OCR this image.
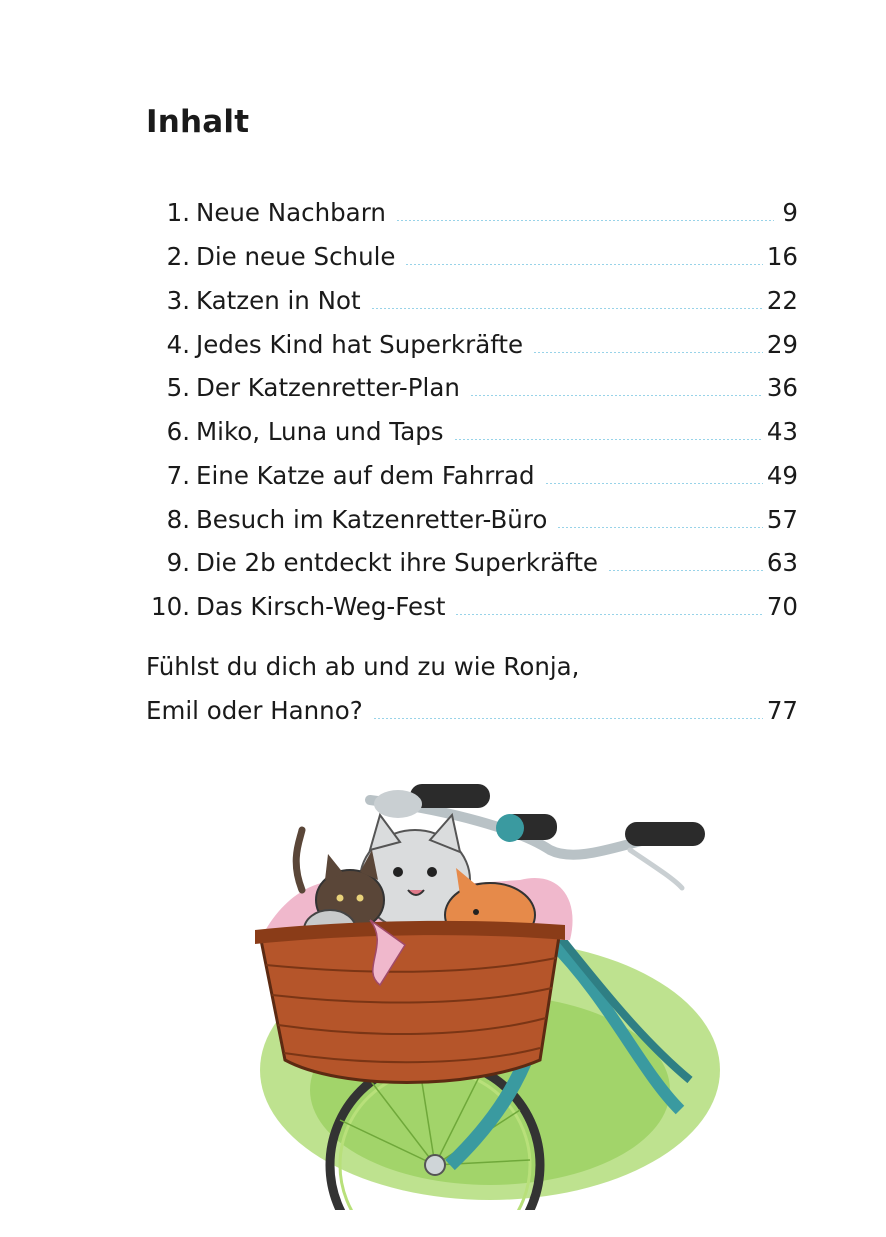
Inhalt
1. Neue Nachbarn	9
2. Die neue Schule	16
3. Katzen in Not	22
4. Jedes Kind hat Superkräfte	29
5. Der Katzenretter-Plan	36
6. Miko, Luna und Taps	43
7. Eine Katze auf dem Fahrrad	49
8. Besuch im Katzenretter-Büro	57
9. Die 2b entdeckt ihre Superkräfte	63
10. Das Kirsch-Weg-Fest	70
Fühlst du dich ab und zu wie Ronja,
Emil oder Hanno?	77
